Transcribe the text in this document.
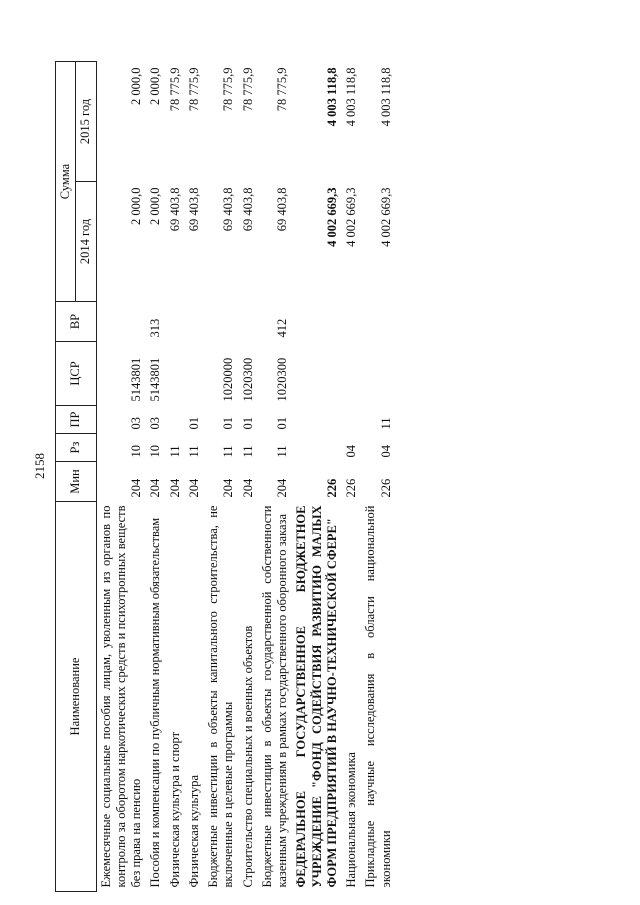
2158
Наименование	Мин	Рз	ПР	ЦСР	ВР	Сумма	
						2014 год	2015 год
Ежемесячные социальные пособия лицам, уволенным из органов по контролю за оборотом наркотических средств и психотропных веществ без права на пенсию	204	10	03	5143801		2 000,0	2 000,0
Пособия и компенсации по публичным нормативным обязательствам	204	10	03	5143801	313	2 000,0	2 000,0
Физическая культура и спорт	204	11				69 403,8	78 775,9
Физическая культура	204	11	01			69 403,8	78 775,9
Бюджетные инвестиции в объекты капитального строительства, не включенные в целевые программы	204	11	01	1020000		69 403,8	78 775,9
Строительство специальных и военных объектов	204	11	01	1020300		69 403,8	78 775,9
Бюджетные инвестиции в объекты государственной собственности казенным учреждениям в рамках государственного оборонного заказа	204	11	01	1020300	412	69 403,8	78 775,9
ФЕДЕРАЛЬНОЕ ГОСУДАРСТВЕННОЕ БЮДЖЕТНОЕ УЧРЕЖДЕНИЕ "ФОНД СОДЕЙСТВИЯ РАЗВИТИЮ МАЛЫХ ФОРМ ПРЕДПРИЯТИЙ В НАУЧНО-ТЕХНИЧЕСКОЙ СФЕРЕ"	226					4 002 669,3	4 003 118,8
Национальная экономика	226	04				4 002 669,3	4 003 118,8
Прикладные научные исследования в области национальной экономики	226	04	11			4 002 669,3	4 003 118,8
